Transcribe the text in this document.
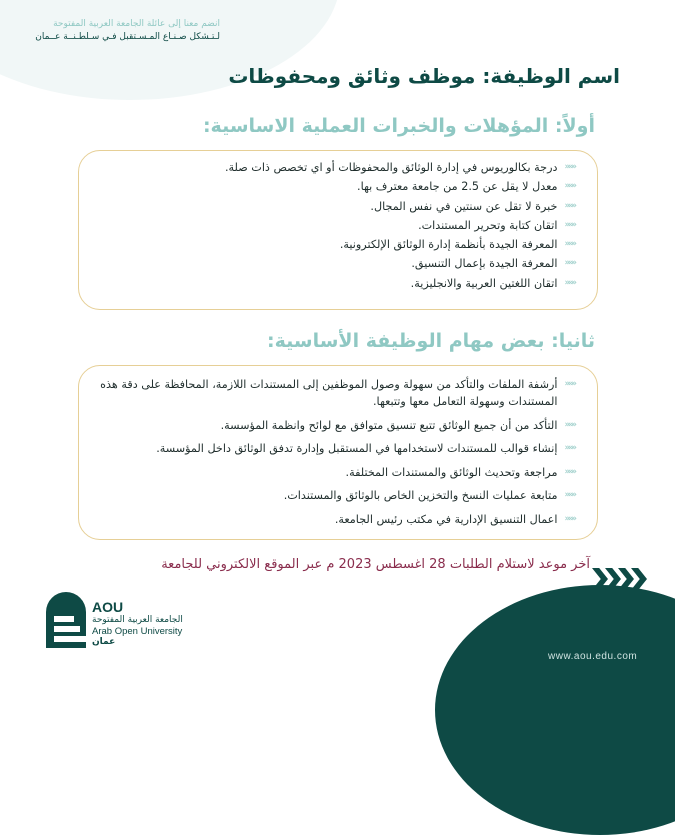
انضم معنا إلى عائلة الجامعة العربية المفتوحة
لـتـشكل صـنـاع المـسـتقبل فـي سـلطـنــة عــمان
اسم الوظيفة: موظف وثائق ومحفوظات
أولاً: المؤهلات والخبرات العملية الاساسية:
»»»
درجة بكالوريوس في إدارة الوثائق والمحفوظات أو اي تخصص ذات صلة.
»»»
معدل لا يقل عن 2.5 من جامعة معترف بها.
»»»
خبرة لا تقل عن سنتين في نفس المجال.
»»»
اتقان كتابة وتحرير المستندات.
»»»
المعرفة الجيدة بأنظمة إدارة الوثائق الإلكترونية.
»»»
المعرفة الجيدة بإعمال التنسيق.
»»»
اتقان اللغتين العربية والانجليزية.
ثانيا: بعض مهام الوظيفة الأساسية:
»»»
أرشفة الملفات والتأكد من سهولة وصول الموظفين إلى المستندات اللازمة، المحافظة على دقة هذه المستندات وسهولة التعامل معها وتتبعها.
»»»
التأكد من أن جميع الوثائق تتبع تنسيق متوافق مع لوائح وانظمة المؤسسة.
»»»
إنشاء قوالب للمستندات لاستخدامها في المستقبل وإدارة تدفق الوثائق داخل المؤسسة.
»»»
مراجعة وتحديث الوثائق والمستندات المختلفة.
»»»
متابعة عمليات النسخ والتخزين الخاص بالوثائق والمستندات.
»»»
اعمال التنسيق الإدارية في مكتب رئيس الجامعة.
آخر موعد لاستلام الطلبات 28 اغسطس 2023 م عبر الموقع الالكتروني للجامعة
AOU
الجامعة العربية المفتوحة
Arab Open University
عمان
www.aou.edu.com
